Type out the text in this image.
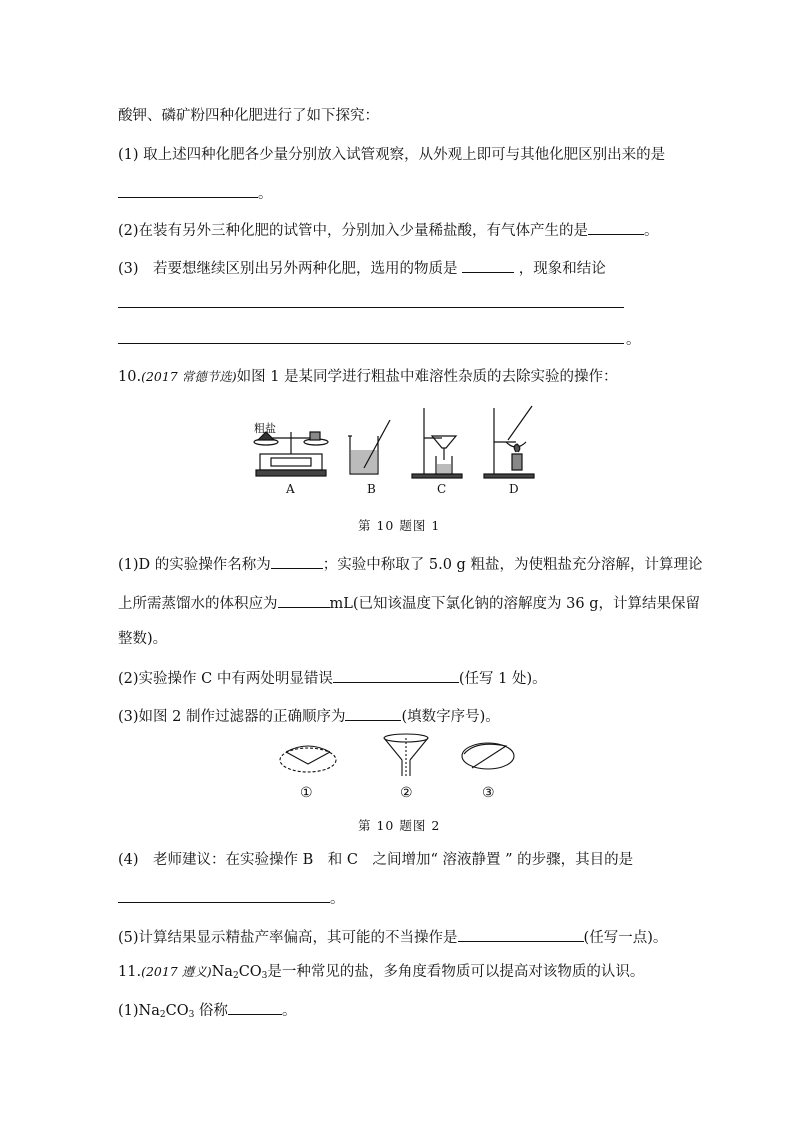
酸钾、磷矿粉四种化肥进行了如下探究：
(1) 取上述四种化肥各少量分别放入试管观察，从外观上即可与其他化肥区别出来的是
。
(2)在装有另外三种化肥的试管中，分别加入少量稀盐酸，有气体产生的是	。
(3)　若要想继续区别出另外两种化肥，选用的物质是	，现象和结论
。
10.(2017 常德节选)如图 1 是某同学进行粗盐中难溶性杂质的去除实验的操作：
粗盐
A	B	C	D
第 10 题图 1
(1)D 的实验操作名称为	；实验中称取了 5.0 g 粗盐，为使粗盐充分溶解，计算理论
上所需蒸馏水的体积应为	mL(已知该温度下氯化钠的溶解度为 36 g，计算结果保留
整数)。
(2)实验操作 C 中有两处明显错误	(任写 1 处)。
(3)如图 2 制作过滤器的正确顺序为	(填数字序号)。
①	②	③
第 10 题图 2
(4)　老师建议：在实验操作 B　和 C　之间增加“ 溶液静置 ” 的步骤，其目的是
。
(5)计算结果显示精盐产率偏高，其可能的不当操作是	(任写一点)。
11.(2017 遵义)$Na_2CO_3$是一种常见的盐，多角度看物质可以提高对该物质的认识。
$(1)Na_2CO_3$ 俗称	。
